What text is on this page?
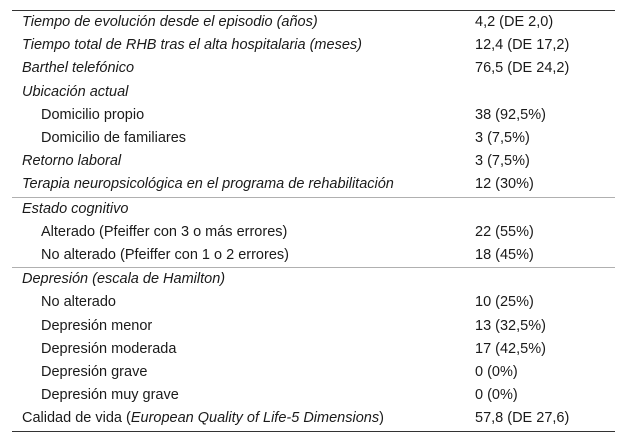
Tiempo de evolución desde el episodio (años)	4,2 (DE 2,0)
Tiempo total de RHB tras el alta hospitalaria (meses)	12,4 (DE 17,2)
Barthel telefónico	76,5 (DE 24,2)
Ubicación actual	
Domicilio propio	38 (92,5%)
Domicilio de familiares	3 (7,5%)
Retorno laboral	3 (7,5%)
Terapia neuropsicológica en el programa de rehabilitación	12 (30%)
Estado cognitivo	
Alterado (Pfeiffer con 3 o más errores)	22 (55%)
No alterado (Pfeiffer con 1 o 2 errores)	18 (45%)
Depresión (escala de Hamilton)	
No alterado	10 (25%)
Depresión menor	13 (32,5%)
Depresión moderada	17 (42,5%)
Depresión grave	0 (0%)
Depresión muy grave	0 (0%)
Calidad de vida (European Quality of Life-5 Dimensions)	57,8 (DE 27,6)
